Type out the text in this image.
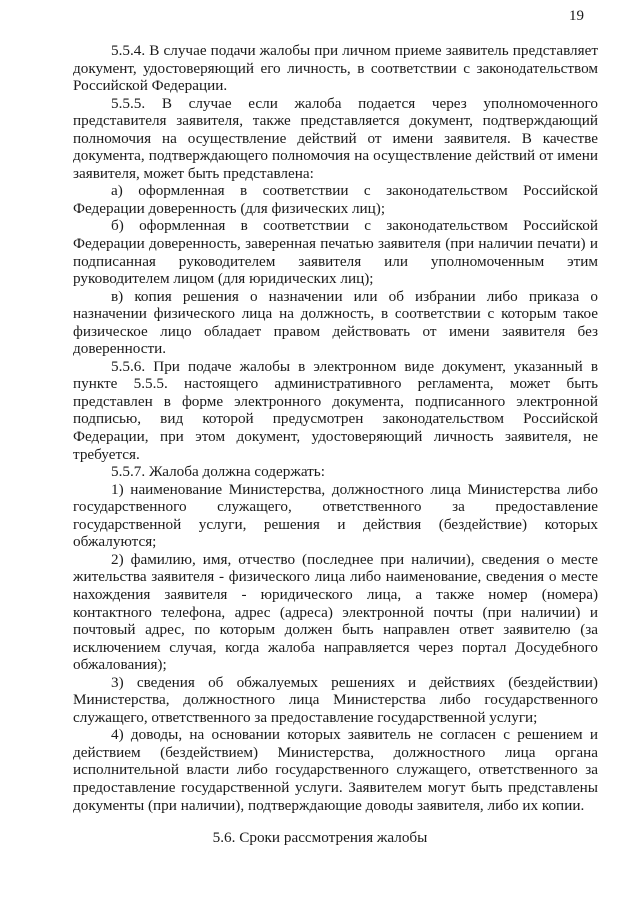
19

5.5.4. В случае подачи жалобы при личном приеме заявитель представляет документ, удостоверяющий его личность, в соответствии с законодательством Российской Федерации.

5.5.5. В случае если жалоба подается через уполномоченного представителя заявителя, также представляется документ, подтверждающий полномочия на осуществление действий от имени заявителя. В качестве документа, подтверждающего полномочия на осуществление действий от имени заявителя, может быть представлена:

а) оформленная в соответствии с законодательством Российской Федерации доверенность (для физических лиц);

б) оформленная в соответствии с законодательством Российской Федерации доверенность, заверенная печатью заявителя (при наличии печати) и подписанная руководителем заявителя или уполномоченным этим руководителем лицом (для юридических лиц);

в) копия решения о назначении или об избрании либо приказа о назначении физического лица на должность, в соответствии с которым такое физическое лицо обладает правом действовать от имени заявителя без доверенности.

5.5.6. При подаче жалобы в электронном виде документ, указанный в пункте 5.5.5. настоящего административного регламента, может быть представлен в форме электронного документа, подписанного электронной подписью, вид которой предусмотрен законодательством Российской Федерации, при этом документ, удостоверяющий личность заявителя, не требуется.

5.5.7. Жалоба должна содержать:

1) наименование Министерства, должностного лица Министерства либо государственного служащего, ответственного за предоставление государственной услуги, решения и действия (бездействие) которых обжалуются;

2) фамилию, имя, отчество (последнее при наличии), сведения о месте жительства заявителя - физического лица либо наименование, сведения о месте нахождения заявителя - юридического лица, а также номер (номера) контактного телефона, адрес (адреса) электронной почты (при наличии) и почтовый адрес, по которым должен быть направлен ответ заявителю (за исключением случая, когда жалоба направляется через портал Досудебного обжалования);

3) сведения об обжалуемых решениях и действиях (бездействии) Министерства, должностного лица Министерства либо государственного служащего, ответственного за предоставление государственной услуги;

4) доводы, на основании которых заявитель не согласен с решением и действием (бездействием) Министерства, должностного лица органа исполнительной власти либо государственного служащего, ответственного за предоставление государственной услуги. Заявителем могут быть представлены документы (при наличии), подтверждающие доводы заявителя, либо их копии.

5.6. Сроки рассмотрения жалобы
